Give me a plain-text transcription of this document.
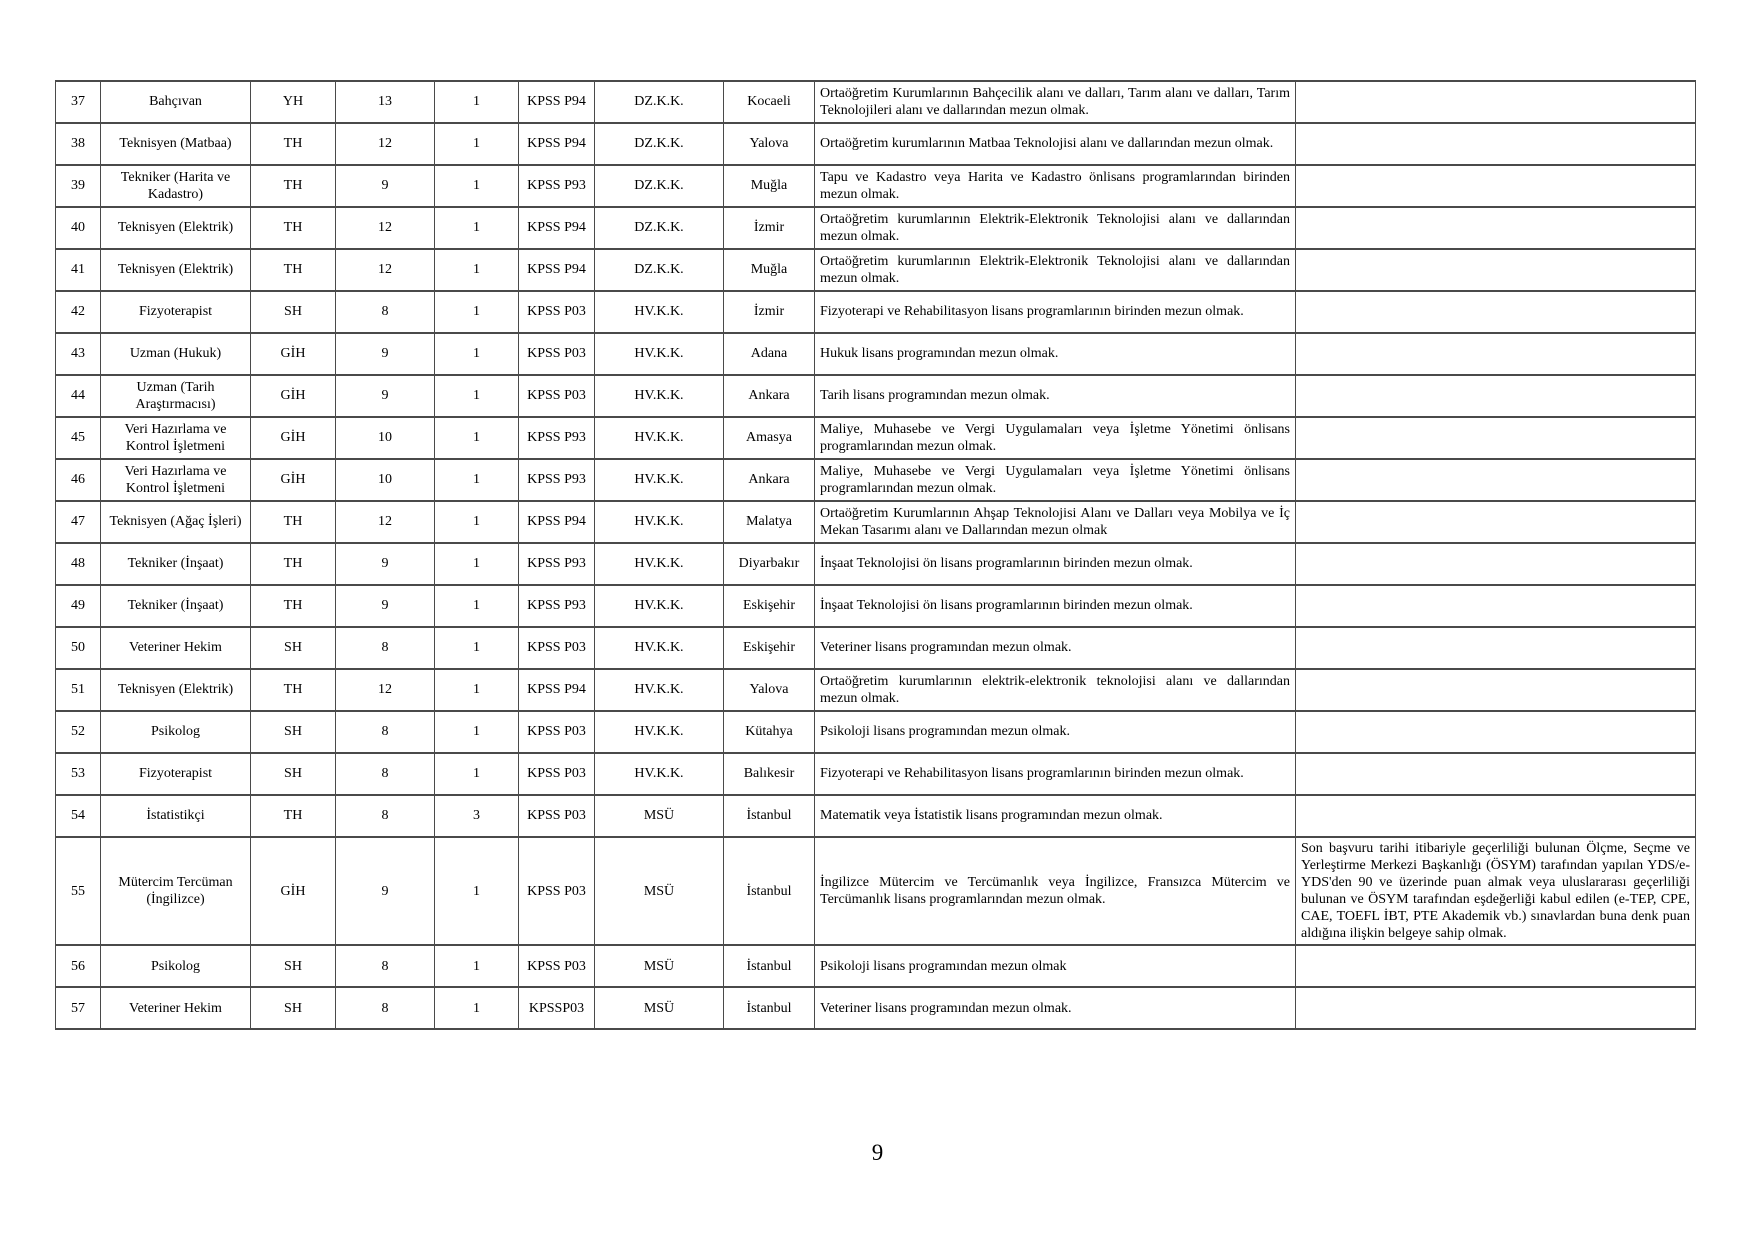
37	Bahçıvan	YH	13	1	KPSS P94	DZ.K.K.	Kocaeli	Ortaöğretim Kurumlarının Bahçecilik alanı ve dalları, Tarım alanı ve dalları, Tarım Teknolojileri alanı ve dallarından mezun olmak.	
38	Teknisyen (Matbaa)	TH	12	1	KPSS P94	DZ.K.K.	Yalova	Ortaöğretim kurumlarının Matbaa Teknolojisi alanı ve dallarından mezun olmak.	
39	Tekniker (Harita ve Kadastro)	TH	9	1	KPSS P93	DZ.K.K.	Muğla	Tapu ve Kadastro veya Harita ve Kadastro önlisans programlarından birinden mezun olmak.	
40	Teknisyen (Elektrik)	TH	12	1	KPSS P94	DZ.K.K.	İzmir	Ortaöğretim kurumlarının Elektrik-Elektronik Teknolojisi alanı ve dallarından mezun olmak.	
41	Teknisyen (Elektrik)	TH	12	1	KPSS P94	DZ.K.K.	Muğla	Ortaöğretim kurumlarının Elektrik-Elektronik Teknolojisi alanı ve dallarından mezun olmak.	
42	Fizyoterapist	SH	8	1	KPSS P03	HV.K.K.	İzmir	Fizyoterapi ve Rehabilitasyon lisans programlarının birinden mezun olmak.	
43	Uzman (Hukuk)	GİH	9	1	KPSS P03	HV.K.K.	Adana	Hukuk lisans programından mezun olmak.	
44	Uzman (Tarih Araştırmacısı)	GİH	9	1	KPSS P03	HV.K.K.	Ankara	Tarih lisans programından mezun olmak.	
45	Veri Hazırlama ve Kontrol İşletmeni	GİH	10	1	KPSS P93	HV.K.K.	Amasya	Maliye, Muhasebe ve Vergi Uygulamaları veya İşletme Yönetimi önlisans programlarından mezun olmak.	
46	Veri Hazırlama ve Kontrol İşletmeni	GİH	10	1	KPSS P93	HV.K.K.	Ankara	Maliye, Muhasebe ve Vergi Uygulamaları veya İşletme Yönetimi önlisans programlarından mezun olmak.	
47	Teknisyen (Ağaç İşleri)	TH	12	1	KPSS P94	HV.K.K.	Malatya	Ortaöğretim Kurumlarının Ahşap Teknolojisi Alanı ve Dalları veya Mobilya ve İç Mekan Tasarımı alanı ve Dallarından mezun olmak	
48	Tekniker (İnşaat)	TH	9	1	KPSS P93	HV.K.K.	Diyarbakır	İnşaat Teknolojisi ön lisans programlarının birinden mezun olmak.	
49	Tekniker (İnşaat)	TH	9	1	KPSS P93	HV.K.K.	Eskişehir	İnşaat Teknolojisi ön lisans programlarının birinden mezun olmak.	
50	Veteriner Hekim	SH	8	1	KPSS P03	HV.K.K.	Eskişehir	Veteriner lisans programından mezun olmak.	
51	Teknisyen (Elektrik)	TH	12	1	KPSS P94	HV.K.K.	Yalova	Ortaöğretim kurumlarının elektrik-elektronik teknolojisi alanı ve dallarından mezun olmak.	
52	Psikolog	SH	8	1	KPSS P03	HV.K.K.	Kütahya	Psikoloji lisans programından mezun olmak.	
53	Fizyoterapist	SH	8	1	KPSS P03	HV.K.K.	Balıkesir	Fizyoterapi ve Rehabilitasyon lisans programlarının birinden mezun olmak.	
54	İstatistikçi	TH	8	3	KPSS P03	MSÜ	İstanbul	Matematik veya İstatistik lisans programından mezun olmak.	
55	Mütercim Tercüman (İngilizce)	GİH	9	1	KPSS P03	MSÜ	İstanbul	İngilizce Mütercim ve Tercümanlık veya İngilizce, Fransızca Mütercim ve Tercümanlık lisans programlarından mezun olmak.	Son başvuru tarihi itibariyle geçerliliği bulunan Ölçme, Seçme ve Yerleştirme Merkezi Başkanlığı (ÖSYM) tarafından yapılan YDS/e-YDS'den 90 ve üzerinde puan almak veya uluslararası geçerliliği bulunan ve ÖSYM tarafından eşdeğerliği kabul edilen (e-TEP, CPE, CAE, TOEFL İBT, PTE Akademik vb.) sınavlardan buna denk puan aldığına ilişkin belgeye sahip olmak.
56	Psikolog	SH	8	1	KPSS P03	MSÜ	İstanbul	Psikoloji lisans programından mezun olmak	
57	Veteriner Hekim	SH	8	1	KPSSP03	MSÜ	İstanbul	Veteriner lisans programından mezun olmak.	
9
